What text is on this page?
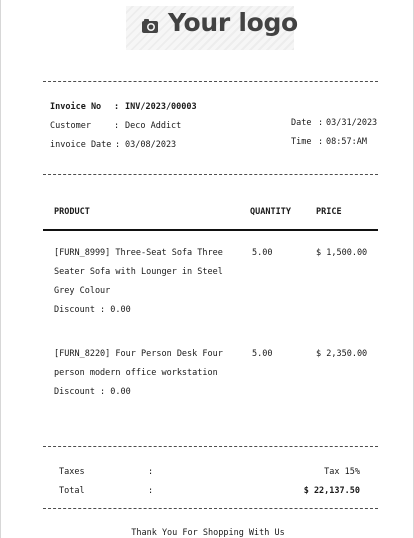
Your logo
Invoice No : INV/2023/00003
Customer	: Deco Addict
invoice Date : 03/08/2023
Date : 03/31/2023
Time : 08:57:AM
PRODUCT	QUANTITY	PRICE
[FURN_8999] Three-Seat Sofa Three
Seater Sofa with Lounger in Steel
Grey Colour
Discount : 0.00
5.00	$ 1,500.00
[FURN_8220] Four Person Desk Four
person modern office workstation
Discount : 0.00
5.00	$ 2,350.00
Taxes	:	Tax 15%
Total	:	$ 22,137.50
Thank You For Shopping With Us
